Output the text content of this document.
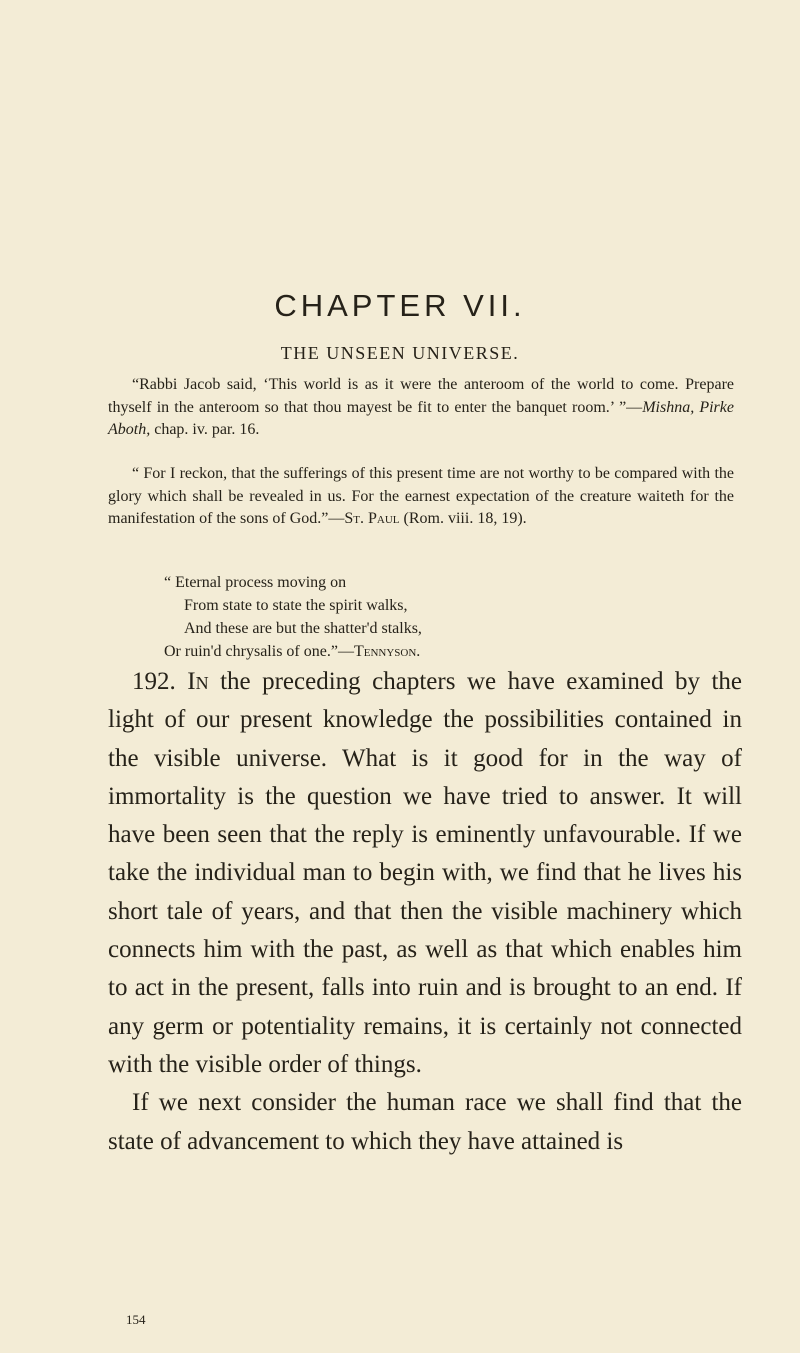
CHAPTER VII.
THE UNSEEN UNIVERSE.

“Rabbi Jacob said, ‘This world is as it were the anteroom of the world to come. Prepare thyself in the anteroom so that thou mayest be fit to enter the banquet room.’ ”—Mishna, Pirke Aboth, chap. iv. par. 16.

“ For I reckon, that the sufferings of this present time are not worthy to be compared with the glory which shall be revealed in us. For the earnest expectation of the creature waiteth for the manifestation of the sons of God.”—St. Paul (Rom. viii. 18, 19).

“ Eternal process moving on
From state to state the spirit walks,
And these are but the shatter'd stalks,
Or ruin'd chrysalis of one.”—Tennyson.

192. In the preceding chapters we have examined by the light of our present knowledge the possibilities contained in the visible universe. What is it good for in the way of immortality is the question we have tried to answer. It will have been seen that the reply is eminently unfavourable. If we take the individual man to begin with, we find that he lives his short tale of years, and that then the visible machinery which connects him with the past, as well as that which enables him to act in the present, falls into ruin and is brought to an end. If any germ or potentiality remains, it is certainly not connected with the visible order of things.

If we next consider the human race we shall find that the state of advancement to which they have attained is

154
